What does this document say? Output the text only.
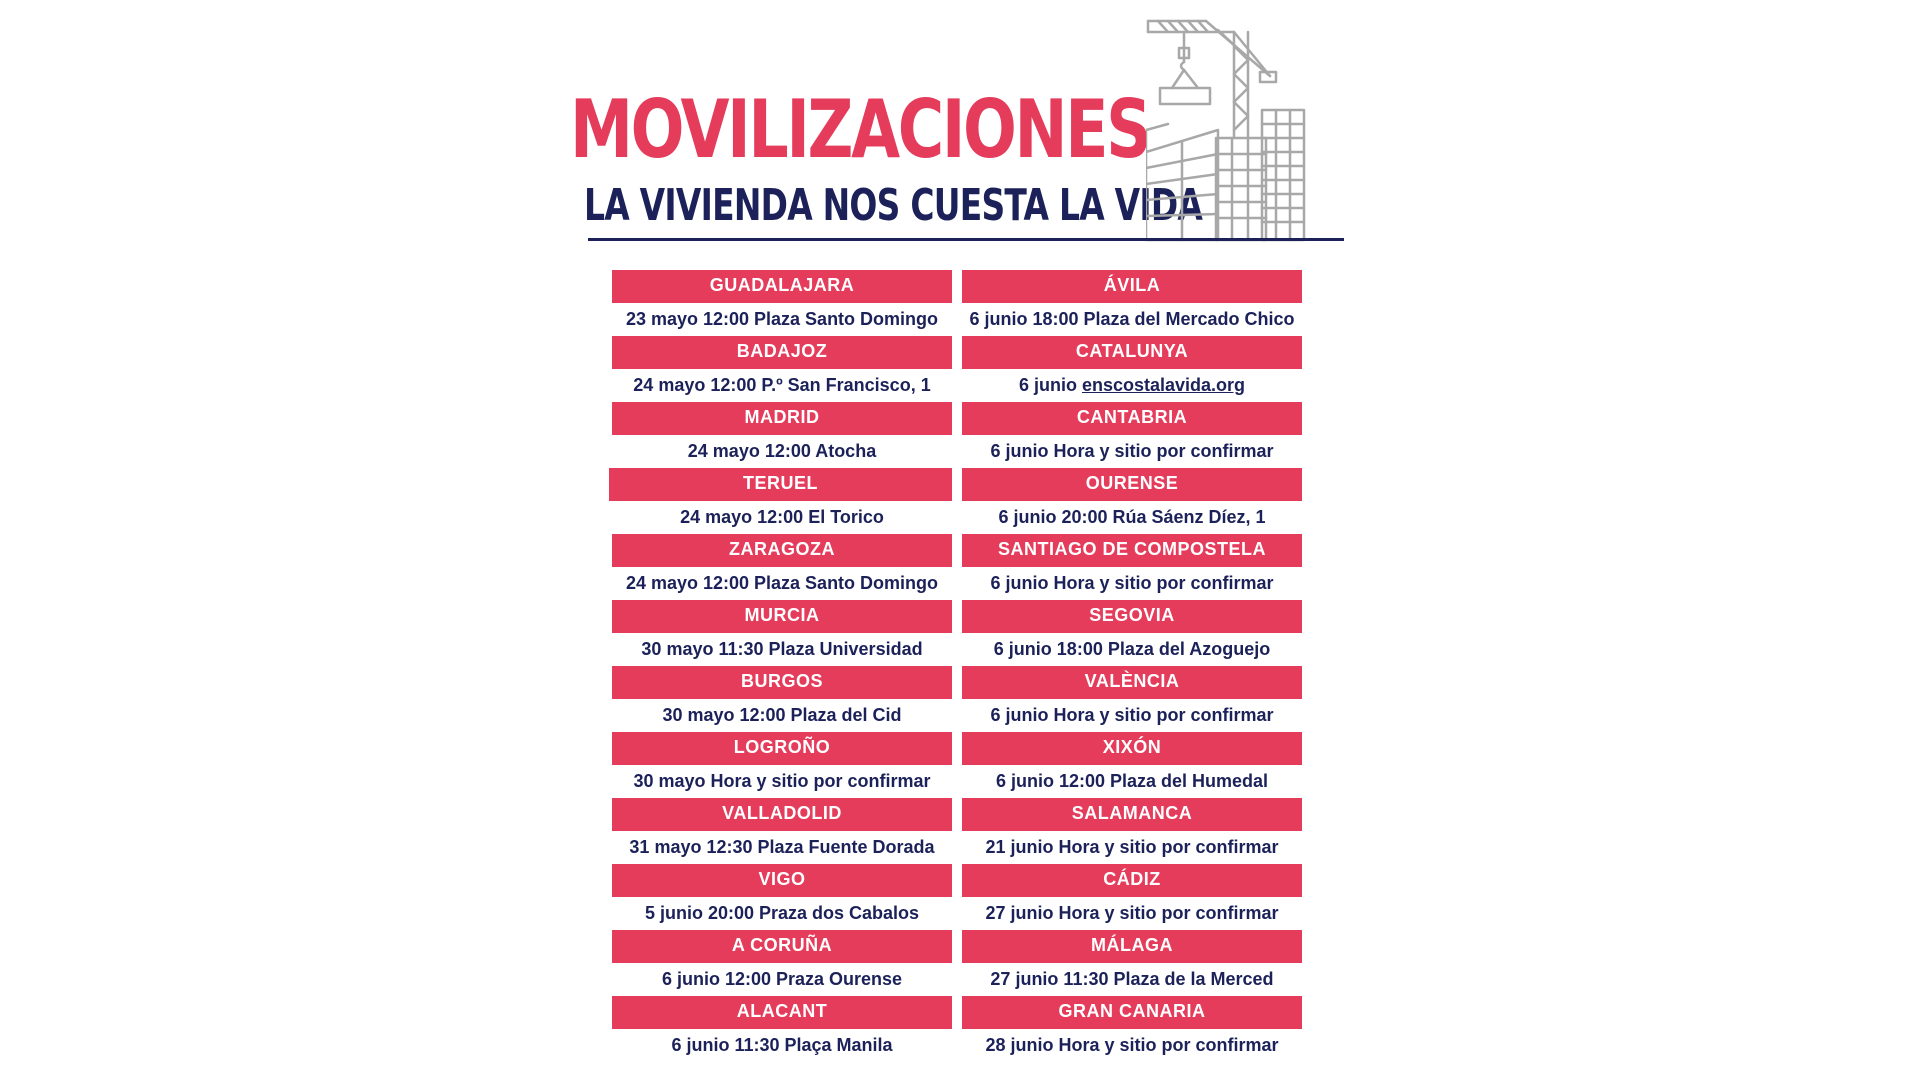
MOVILIZACIONES
LA VIVIENDA NOS CUESTA LA VIDA
GUADALAJARA
23 mayo 12:00 Plaza Santo Domingo
BADAJOZ
24 mayo 12:00 P.º San Francisco, 1
MADRID
24 mayo 12:00 Atocha
TERUEL
24 mayo 12:00 El Torico
ZARAGOZA
24 mayo 12:00 Plaza Santo Domingo
MURCIA
30 mayo 11:30 Plaza Universidad
BURGOS
30 mayo 12:00 Plaza del Cid
LOGROÑO
30 mayo Hora y sitio por confirmar
VALLADOLID
31 mayo 12:30 Plaza Fuente Dorada
VIGO
5 junio 20:00 Praza dos Cabalos
A CORUÑA
6 junio 12:00 Praza Ourense
ALACANT
6 junio 11:30 Plaça Manila
ÁVILA
6 junio 18:00 Plaza del Mercado Chico
CATALUNYA
6 junio enscostalavida.org
CANTABRIA
6 junio Hora y sitio por confirmar
OURENSE
6 junio 20:00 Rúa Sáenz Díez, 1
SANTIAGO DE COMPOSTELA
6 junio Hora y sitio por confirmar
SEGOVIA
6 junio 18:00 Plaza del Azoguejo
VALÈNCIA
6 junio Hora y sitio por confirmar
XIXÓN
6 junio 12:00 Plaza del Humedal
SALAMANCA
21 junio Hora y sitio por confirmar
CÁDIZ
27 junio Hora y sitio por confirmar
MÁLAGA
27 junio 11:30 Plaza de la Merced
GRAN CANARIA
28 junio Hora y sitio por confirmar
